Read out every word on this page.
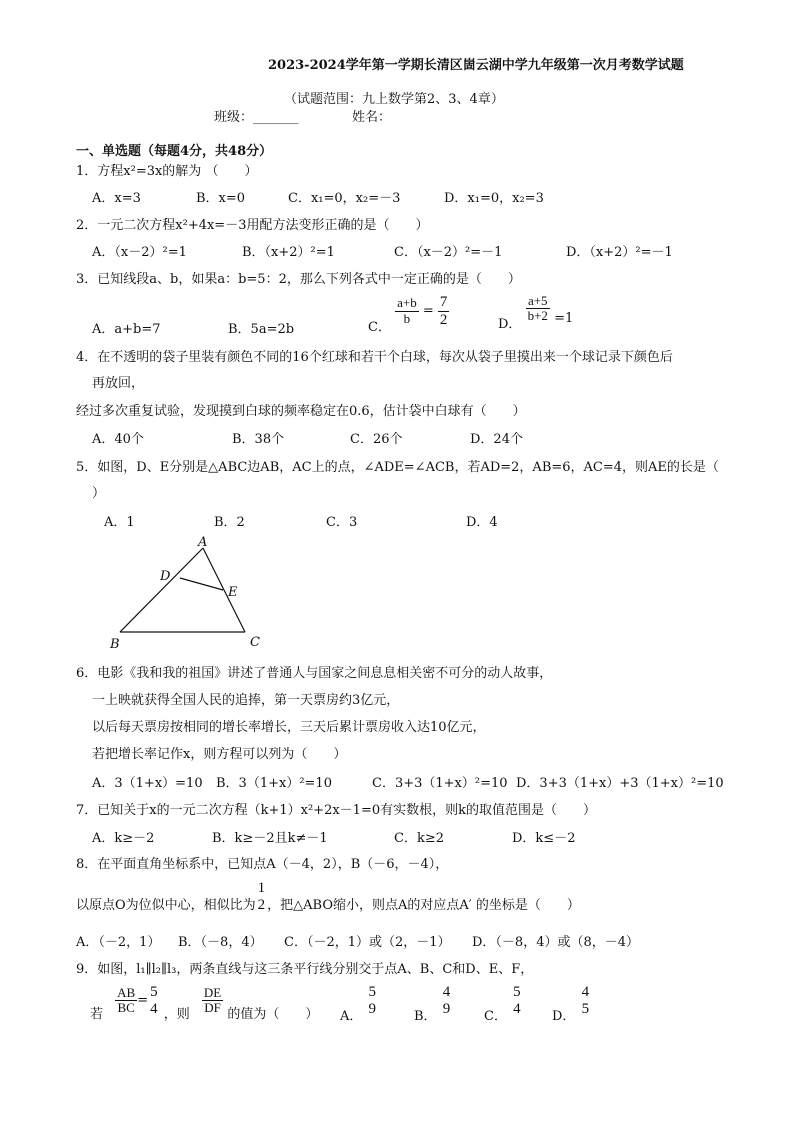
2023-2024学年第一学期长清区崮云湖中学九年级第一次月考数学试题
（试题范围：九上数学第2、3、4章）
班级：_______	姓名：
一、单选题（每题4分，共48分）
1．方程x²=3x的解为 （　　）
A．x=3	B．x=0	C．x₁=0，x₂=－3	D．x₁=0，x₂=3
2．一元二次方程x²+4x=－3用配方法变形正确的是（　　）
A．（x－2）²=1	B．（x+2）²=1	C．（x－2）²=－1	D．（x+2）²=－1
3．已知线段a、b，如果a：b=5：2，那么下列各式中一定正确的是（　　）
A．a+b=7	B．5a=2b	C．
$\frac{a+b}{b} = \frac{7}{2}$	D．
$\frac{a+5}{b+2} =1$
4．在不透明的袋子里装有颜色不同的16个红球和若干个白球，每次从袋子里摸出来一个球记录下颜色后
再放回，
经过多次重复试验，发现摸到白球的频率稳定在0.6，估计袋中白球有（　　）
A．40个	B．38个	C．26个	D．24个
5．如图，D、E分别是△ABC边AB，AC上的点，∠ADE=∠ACB，若AD=2，AB=6，AC=4，则AE的长是（
）
A．1	B．2	C．3	D．4
A
D
E
B	C
6．电影《我和我的祖国》讲述了普通人与国家之间息息相关密不可分的动人故事，
一上映就获得全国人民的追捧，第一天票房约3亿元，
以后每天票房按相同的增长率增长，三天后累计票房收入达10亿元，
若把增长率记作x，则方程可以列为（　　）
A．3（1+x）=10 B．3（1+x）²=10	C．3+3（1+x）²=10 D．3+3（1+x）+3（1+x）²=10
7．已知关于x的一元二次方程（k+1）x²+2x－1=0有实数根，则k的取值范围是（　　）
A．k≥－2	B．k≥－2且k≠－1	C．k≥2	D．k≤－2
8．在平面直角坐标系中，已知点A（－4，2），B（－6，－4），
以原点O为位似中心，相似比为
1
2 ，把△ABO缩小，则点A的对应点A′ 的坐标是（　　）
A．（－2，1） B．（－8，4） C．（－2，1）或（2，－1） D．（－8，4）或（8，－4）
9．如图，l₁∥l₂∥l₃，两条直线与这三条平行线分别交于点A、B、C和D、E、F，
若 $\frac{AB}{BC}$ =
5
4 ，则 $\frac{DE}{DF}$ 的值为（　　） A．
5
9	B．
4
9	C．
5
4 D．
4
5
